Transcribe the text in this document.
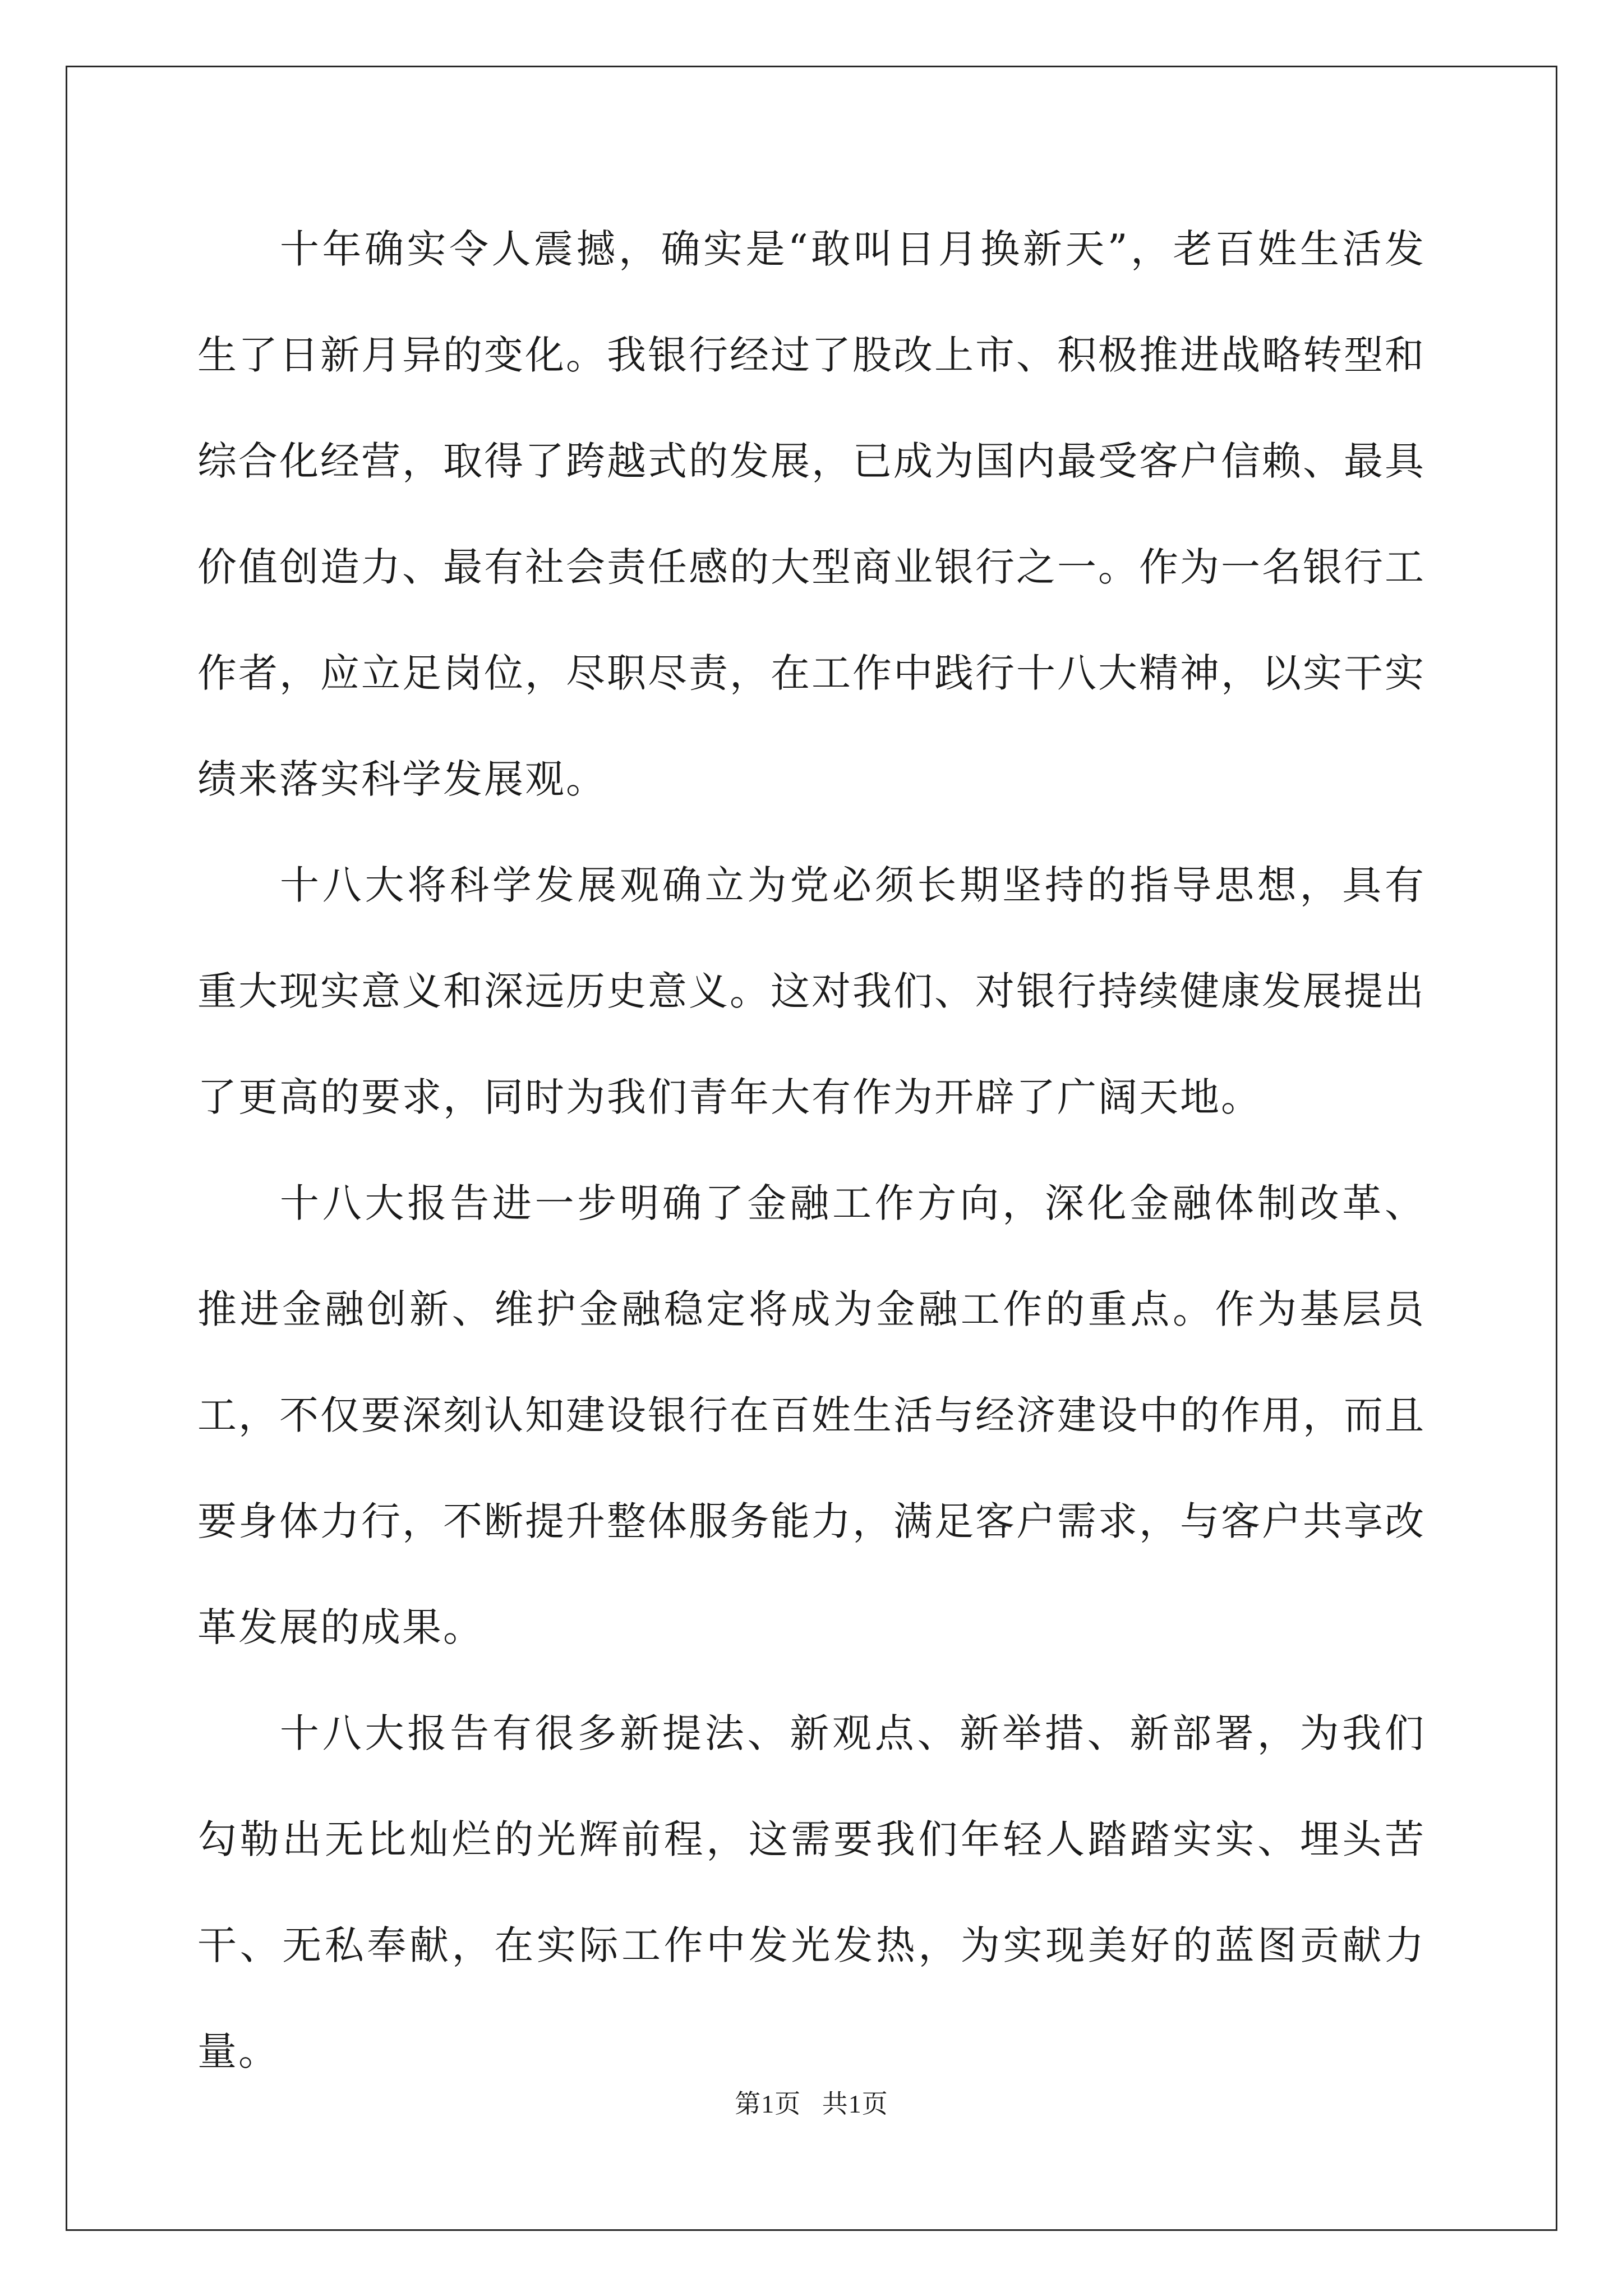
十年确实令人震撼，确实是“敢叫日月换新天”，老百姓生活发生了日新月异的变化。我银行经过了股改上市、积极推进战略转型和综合化经营，取得了跨越式的发展，已成为国内最受客户信赖、最具价值创造力、最有社会责任感的大型商业银行之一。作为一名银行工作者，应立足岗位，尽职尽责，在工作中践行十八大精神，以实干实绩来落实科学发展观。

十八大将科学发展观确立为党必须长期坚持的指导思想，具有重大现实意义和深远历史意义。这对我们、对银行持续健康发展提出了更高的要求，同时为我们青年大有作为开辟了广阔天地。

十八大报告进一步明确了金融工作方向，深化金融体制改革、推进金融创新、维护金融稳定将成为金融工作的重点。作为基层员工，不仅要深刻认知建设银行在百姓生活与经济建设中的作用，而且要身体力行，不断提升整体服务能力，满足客户需求，与客户共享改革发展的成果。

十八大报告有很多新提法、新观点、新举措、新部署，为我们勾勒出无比灿烂的光辉前程，这需要我们年轻人踏踏实实、埋头苦干、无私奉献，在实际工作中发光发热，为实现美好的蓝图贡献力量。

第1页 共1页
